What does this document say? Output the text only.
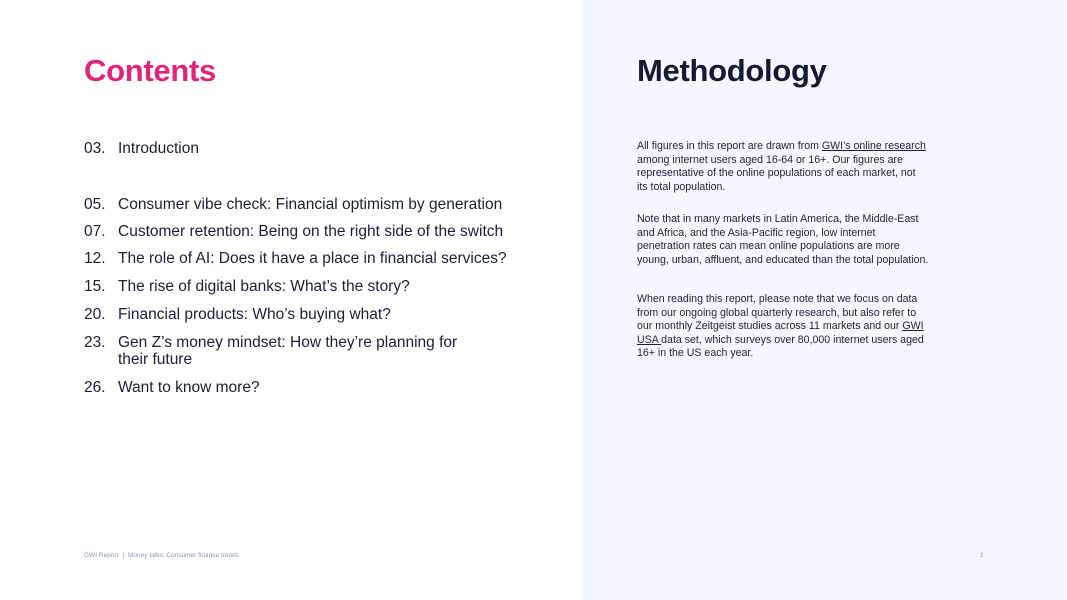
Contents
03. Introduction
05. Consumer vibe check: Financial optimism by generation
07. Customer retention: Being on the right side of the switch
12. The role of AI: Does it have a place in financial services?
15. The rise of digital banks: What’s the story?
20. Financial products: Who’s buying what?
23. Gen Z’s money mindset: How they’re planning for their future
26. Want to know more?
Methodology

All figures in this report are drawn from GWI’s online research among internet users aged 16-64 or 16+. Our figures are representative of the online populations of each market, not its total population.

Note that in many markets in Latin America, the Middle-East and Africa, and the Asia-Pacific region, low internet penetration rates can mean online populations are more young, urban, affluent, and educated than the total population.

When reading this report, please note that we focus on data from our ongoing global quarterly research, but also refer to our monthly Zeitgeist studies across 11 markets and our GWI USA data set, which surveys over 80,000 internet users aged 16+ in the US each year.

GWI Report | Money talks: Consumer finance trends	2
